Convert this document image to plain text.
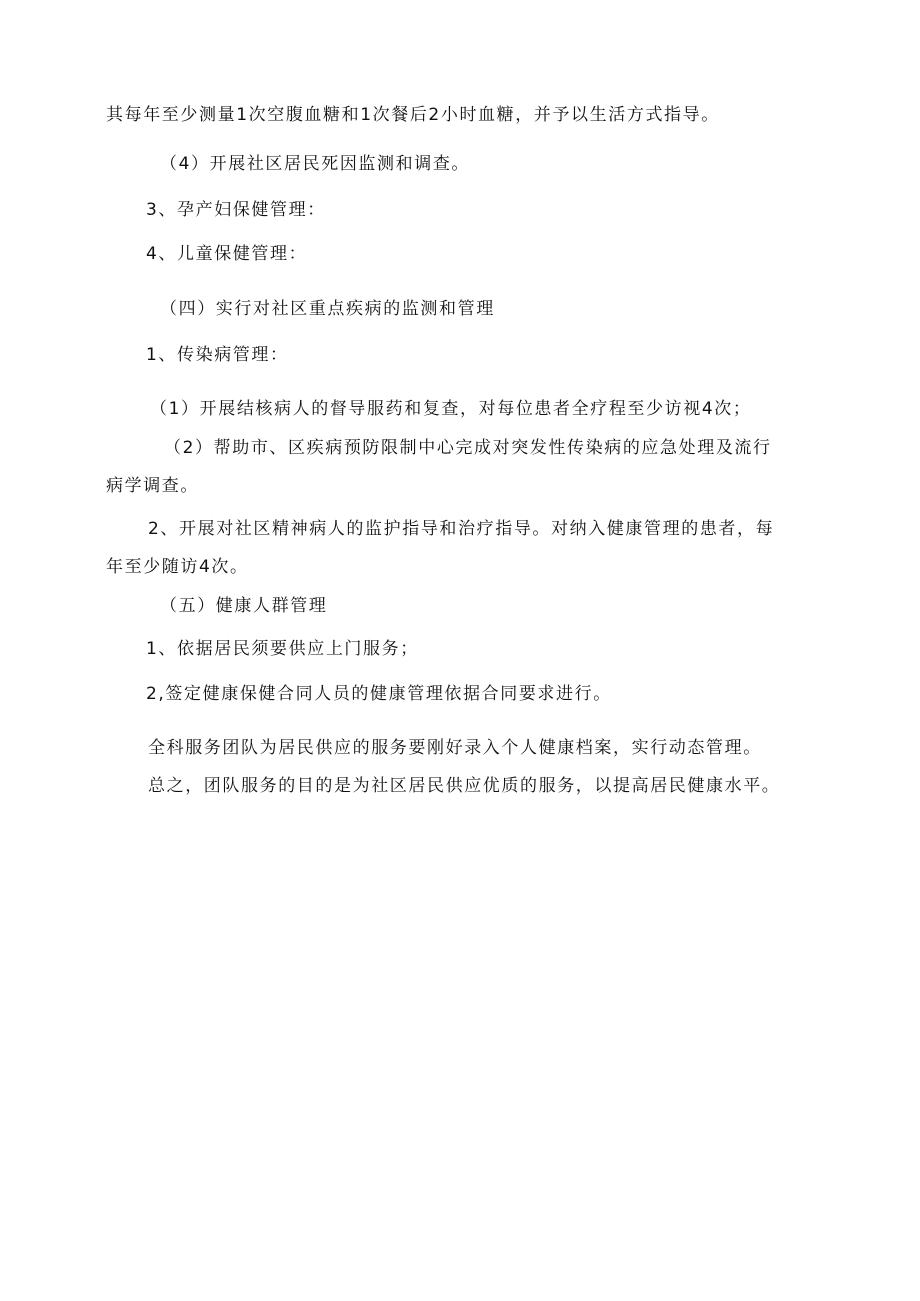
其每年至少测量1次空腹血糖和1次餐后2小时血糖，并予以生活方式指导。
（4）开展社区居民死因监测和调查。
3、孕产妇保健管理：
4、儿童保健管理：
（四）实行对社区重点疾病的监测和管理
1、传染病管理：
（1）开展结核病人的督导服药和复查，对每位患者全疗程至少访视4次；
（2）帮助市、区疾病预防限制中心完成对突发性传染病的应急处理及流行
病学调查。
2、开展对社区精神病人的监护指导和治疗指导。对纳入健康管理的患者，每
年至少随访4次。
（五）健康人群管理
1、依据居民须要供应上门服务；
2,签定健康保健合同人员的健康管理依据合同要求进行。
全科服务团队为居民供应的服务要刚好录入个人健康档案，实行动态管理。
总之，团队服务的目的是为社区居民供应优质的服务，以提高居民健康水平。
